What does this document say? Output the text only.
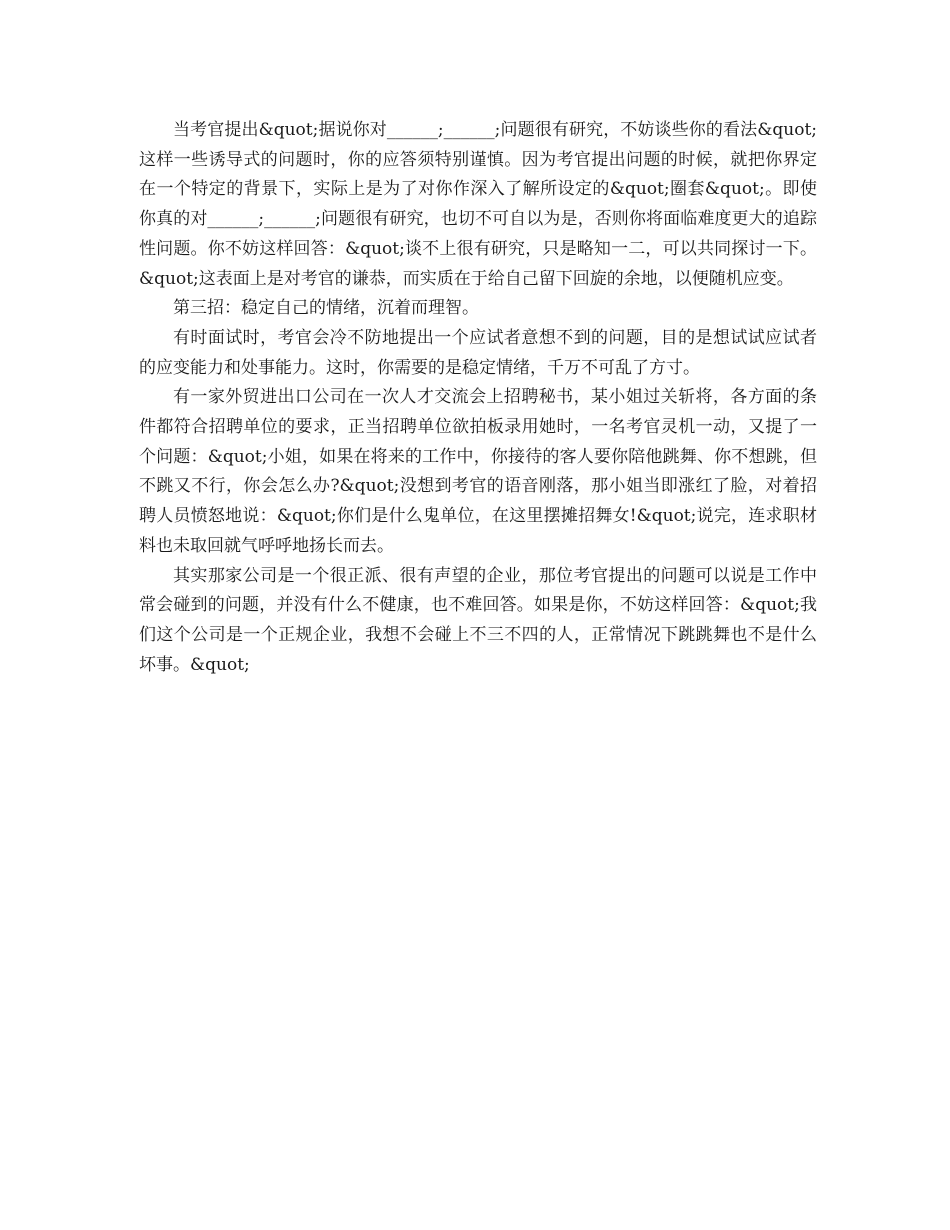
当考官提出&quot;据说你对______;______;问题很有研究，不妨谈些你的看法&quot;这样一些诱导式的问题时，你的应答须特别谨慎。因为考官提出问题的时候，就把你界定在一个特定的背景下，实际上是为了对你作深入了解所设定的&quot;圈套&quot;。即使你真的对______;______;问题很有研究，也切不可自以为是，否则你将面临难度更大的追踪性问题。你不妨这样回答：&quot;谈不上很有研究，只是略知一二，可以共同探讨一下。&quot;这表面上是对考官的谦恭，而实质在于给自己留下回旋的余地，以便随机应变。

第三招：稳定自己的情绪，沉着而理智。

有时面试时，考官会冷不防地提出一个应试者意想不到的问题，目的是想试试应试者的应变能力和处事能力。这时，你需要的是稳定情绪，千万不可乱了方寸。

有一家外贸进出口公司在一次人才交流会上招聘秘书，某小姐过关斩将，各方面的条件都符合招聘单位的要求，正当招聘单位欲拍板录用她时，一名考官灵机一动，又提了一个问题：&quot;小姐，如果在将来的工作中，你接待的客人要你陪他跳舞、你不想跳，但不跳又不行，你会怎么办?&quot;没想到考官的语音刚落，那小姐当即涨红了脸，对着招聘人员愤怒地说：&quot;你们是什么鬼单位，在这里摆摊招舞女!&quot;说完，连求职材料也未取回就气呼呼地扬长而去。

其实那家公司是一个很正派、很有声望的企业，那位考官提出的问题可以说是工作中常会碰到的问题，并没有什么不健康，也不难回答。如果是你，不妨这样回答：&quot;我们这个公司是一个正规企业，我想不会碰上不三不四的人，正常情况下跳跳舞也不是什么坏事。&quot;
